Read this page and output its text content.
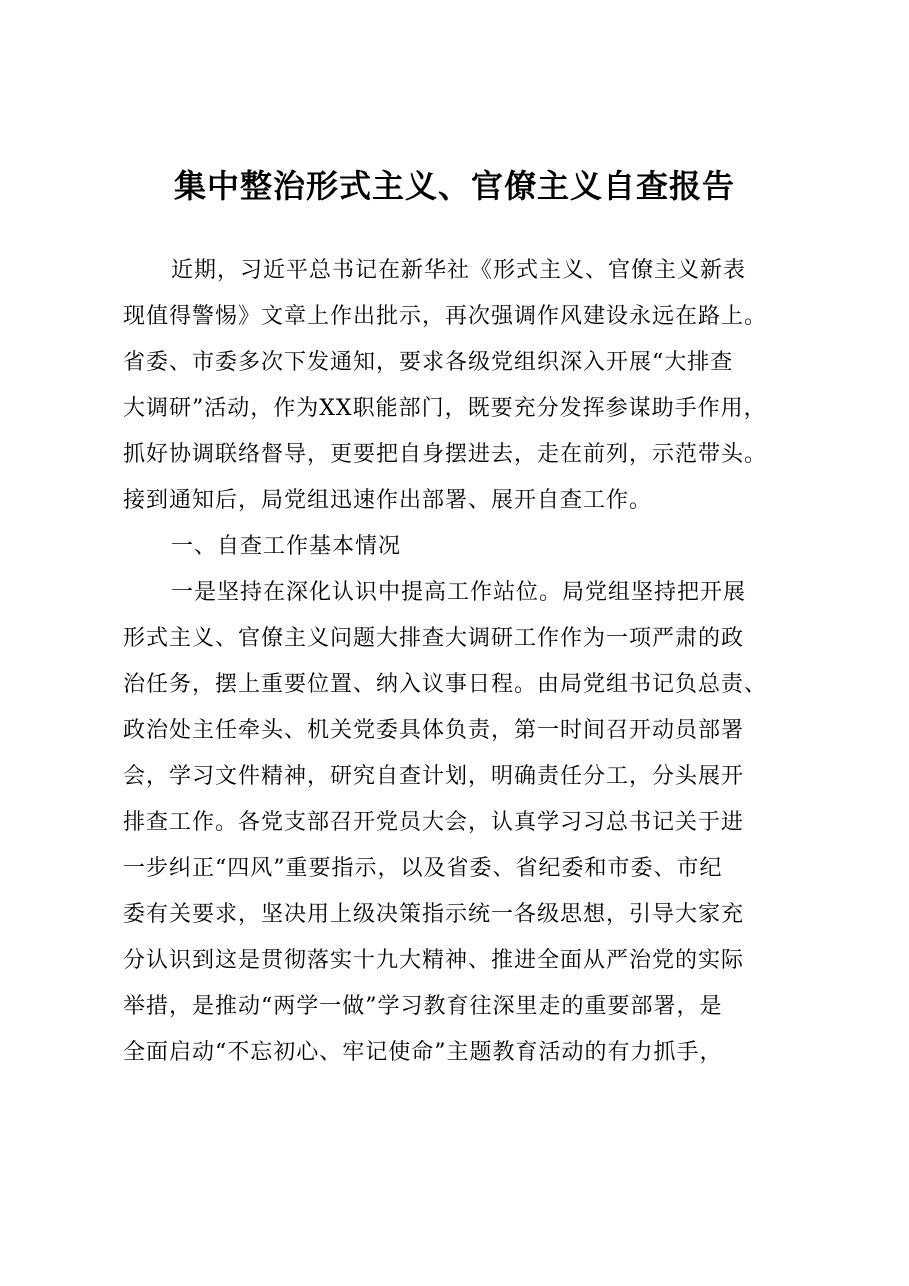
集中整治形式主义、官僚主义自查报告
近期，习近平总书记在新华社《形式主义、官僚主义新表
现值得警惕》文章上作出批示，再次强调作风建设永远在路上。
省委、市委多次下发通知，要求各级党组织深入开展“大排查
大调研”活动，作为XX职能部门，既要充分发挥参谋助手作用，
抓好协调联络督导，更要把自身摆进去，走在前列，示范带头。
接到通知后，局党组迅速作出部署、展开自查工作。
一、自查工作基本情况
一是坚持在深化认识中提高工作站位。局党组坚持把开展
形式主义、官僚主义问题大排查大调研工作作为一项严肃的政
治任务，摆上重要位置、纳入议事日程。由局党组书记负总责、
政治处主任牵头、机关党委具体负责，第一时间召开动员部署
会，学习文件精神，研究自查计划，明确责任分工，分头展开
排查工作。各党支部召开党员大会，认真学习习总书记关于进
一步纠正“四风”重要指示，以及省委、省纪委和市委、市纪
委有关要求，坚决用上级决策指示统一各级思想，引导大家充
分认识到这是贯彻落实十九大精神、推进全面从严治党的实际
举措，是推动“两学一做”学习教育往深里走的重要部署，是
全面启动“不忘初心、牢记使命”主题教育活动的有力抓手，
